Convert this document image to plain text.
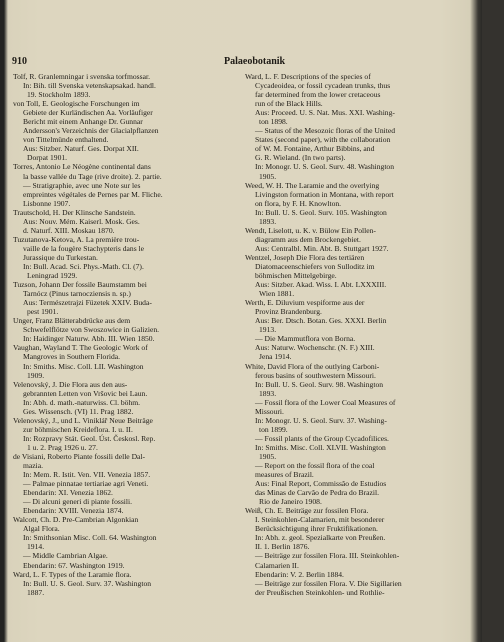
910	Palaeobotanik
Tolf, R. Granlemningar i svenska torfmossar.
In: Bih. till Svenska vetenskapsakad. handl.
19. Stockholm 1893.
von Toll, E. Geologische Forschungen im
Gebiete der Kurländischen Aa. Vorläufiger
Bericht mit einem Anhange Dr. Gunnar
Andersson's Verzeichnis der Glacialpflanzen
von Tittelmünde enthaltend.
Aus: Sitzber. Naturf. Ges. Dorpat XII.
Dorpat 1901.
Torres, Antonio Le Néogène continental dans
la basse vallée du Tage (rive droite). 2. partie.
— Stratigraphie, avec une Note sur les
empreintes végétales de Pernes par M. Fliche.
Lisbonne 1907.
Trautschold, H. Der Klinsche Sandstein.
Aus: Nouv. Mém. Kaiserl. Mosk. Ges.
d. Naturf. XIII. Moskau 1870.
Tuzutanova-Ketova, A. La première trou-
vaille de la fougère Stachypteris dans le
Jurassique du Turkestan.
In: Bull. Acad. Sci. Phys.-Math. Cl. (7).
Leningrad 1929.
Tuzson, Johann Der fossile Baumstamm bei
Tarnócz (Pinus tarnocziensis n. sp.)
Aus: Természetrajzi Füzetek XXIV. Buda-
pest 1901.
Unger, Franz Blätterabdrücke aus dem
Schwefelflötze von Swoszowice in Galizien.
In: Haidinger Naturw. Abh. III. Wien 1850.
Vaughan, Wayland T. The Geologic Work of
Mangroves in Southern Florida.
In: Smiths. Misc. Coll. LII. Washington
1909.
Velenovský, J. Die Flora aus den aus-
gebrannten Letten von Vršovic bei Laun.
In: Abh. d. math.-naturwiss. Cl. böhm.
Ges. Wissensch. (VI) 11. Prag 1882.
Velenovský, J., und L. Viniklář Neue Beiträge
zur böhmischen Kreideflora. I. u. II.
In: Rozpravy Stát. Geol. Úst. Českosl. Rep.
1 u. 2. Prag 1926 u. 27.
de Visiani, Roberto Piante fossili delle Dal-
mazia.
In: Mem. R. Istit. Ven. VII. Venezia 1857.
— Palmae pinnatae tertiariae agri Veneti.
Ebendarin: XI. Venezia 1862.
— Di alcuni generi di piante fossili.
Ebendarin: XVIII. Venezia 1874.
Walcott, Ch. D. Pre-Cambrian Algonkian
Algal Flora.
In: Smithsonian Misc. Coll. 64. Washington
1914.
— Middle Cambrian Algae.
Ebendarin: 67. Washington 1919.
Ward, L. F. Types of the Laramie flora.
In: Bull. U. S. Geol. Surv. 37. Washington
1887.
Ward, L. F. Descriptions of the species of
Cycadeoidea, or fossil cycadean trunks, thus
far determined from the lower cretaceous
run of the Black Hills.
Aus: Proceed. U. S. Nat. Mus. XXI. Washing-
ton 1898.
— Status of the Mesozoic floras of the United
States (second paper), with the collaboration
of W. M. Fontaine, Arthur Bibbins, and
G. R. Wieland. (In two parts).
In: Monogr. U. S. Geol. Surv. 48. Washington
1905.
Weed, W. H. The Laramie and the overlying
Livingston formation in Montana, with report
on flora, by F. H. Knowlton.
In: Bull. U. S. Geol. Surv. 105. Washington
1893.
Wendt, Liselott, u. K. v. Bülow Ein Pollen-
diagramm aus dem Brockengebiet.
Aus: Centralbl. Min. Abt. B. Stuttgart 1927.
Wentzel, Joseph Die Flora des tertiären
Diatomaceenschiefers von Sulloditz im
böhmischen Mittelgebirge.
Aus: Sitzber. Akad. Wiss. I. Abt. LXXXIII.
Wien 1881.
Werth, E. Diluvium vespiforme aus der
Provinz Brandenburg.
Aus: Ber. Dtsch. Botan. Ges. XXXI. Berlin
1913.
— Die Mammutflora von Borna.
Aus: Naturw. Wochenschr. (N. F.) XIII.
Jena 1914.
White, David Flora of the outlying Carboni-
ferous basins of southwestern Missouri.
In: Bull. U. S. Geol. Surv. 98. Washington
1893.
— Fossil flora of the Lower Coal Measures of
Missouri.
In: Monogr. U. S. Geol. Surv. 37. Washing-
ton 1899.
— Fossil plants of the Group Cycadofilices.
In: Smiths. Misc. Coll. XLVII. Washington
1905.
— Report on the fossil flora of the coal
measures of Brazil.
Aus: Final Report, Commissão de Estudios
das Minas de Carvão de Pedra do Brazil.
Rio de Janeiro 1908.
Weiß, Ch. E. Beiträge zur fossilen Flora.
I. Steinkohlen-Calamarien, mit besonderer
Berücksichtigung ihrer Fruktifikationen.
In: Abh. z. geol. Spezialkarte von Preußen.
II. 1. Berlin 1876.
— Beiträge zur fossilen Flora. III. Steinkohlen-
Calamarien II.
Ebendarin: V. 2. Berlin 1884.
— Beiträge zur fossilen Flora. V. Die Sigillarien
der Preußischen Steinkohlen- und Rothlie-
